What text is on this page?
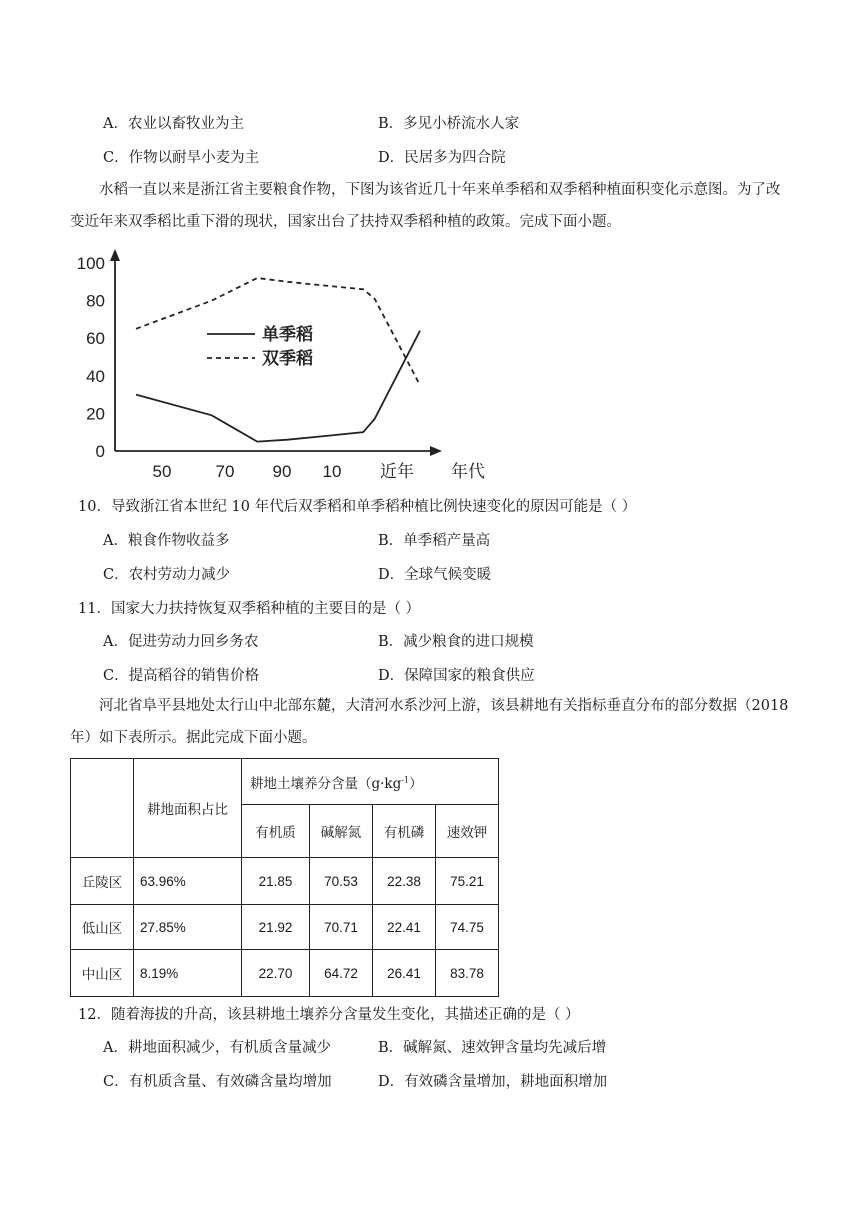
A．农业以畜牧业为主	B．多见小桥流水人家
C．作物以耐旱小麦为主	D．民居多为四合院
水稻一直以来是浙江省主要粮食作物，下图为该省近几十年来单季稻和双季稻种植面积变化示意图。为了改变近年来双季稻比重下滑的现状，国家出台了扶持双季稻种植的政策。完成下面小题。
0
20
40
60
80
100
50	70 90 10 近年 年代
单季稻
双季稻
10．导致浙江省本世纪 10 年代后双季稻和单季稻种植比例快速变化的原因可能是（ ）
A．粮食作物收益多	B．单季稻产量高
C．农村劳动力减少	D．全球气候变暖
11．国家大力扶持恢复双季稻种植的主要目的是（ ）
A．促进劳动力回乡务农	B．减少粮食的进口规模
C．提高稻谷的销售价格	D．保障国家的粮食供应
河北省阜平县地处太行山中北部东麓，大清河水系沙河上游，该县耕地有关指标垂直分布的部分数据（2018 年）如下表所示。据此完成下面小题。
	耕地面积占比	耕地土壤养分含量$(g\cdot kg^{-1})$			
		有机质	碱解氮	有机磷	速效钾
丘陵区	63.96%	21.85	70.53	22.38	75.21
低山区	27.85%	21.92	70.71	22.41	74.75
中山区	8.19%	22.70	64.72	26.41	83.78
12．随着海拔的升高，该县耕地土壤养分含量发生变化，其描述正确的是（ ）
A．耕地面积减少，有机质含量减少	B．碱解氮、速效钾含量均先减后增
C．有机质含量、有效磷含量均增加	D．有效磷含量增加，耕地面积增加
